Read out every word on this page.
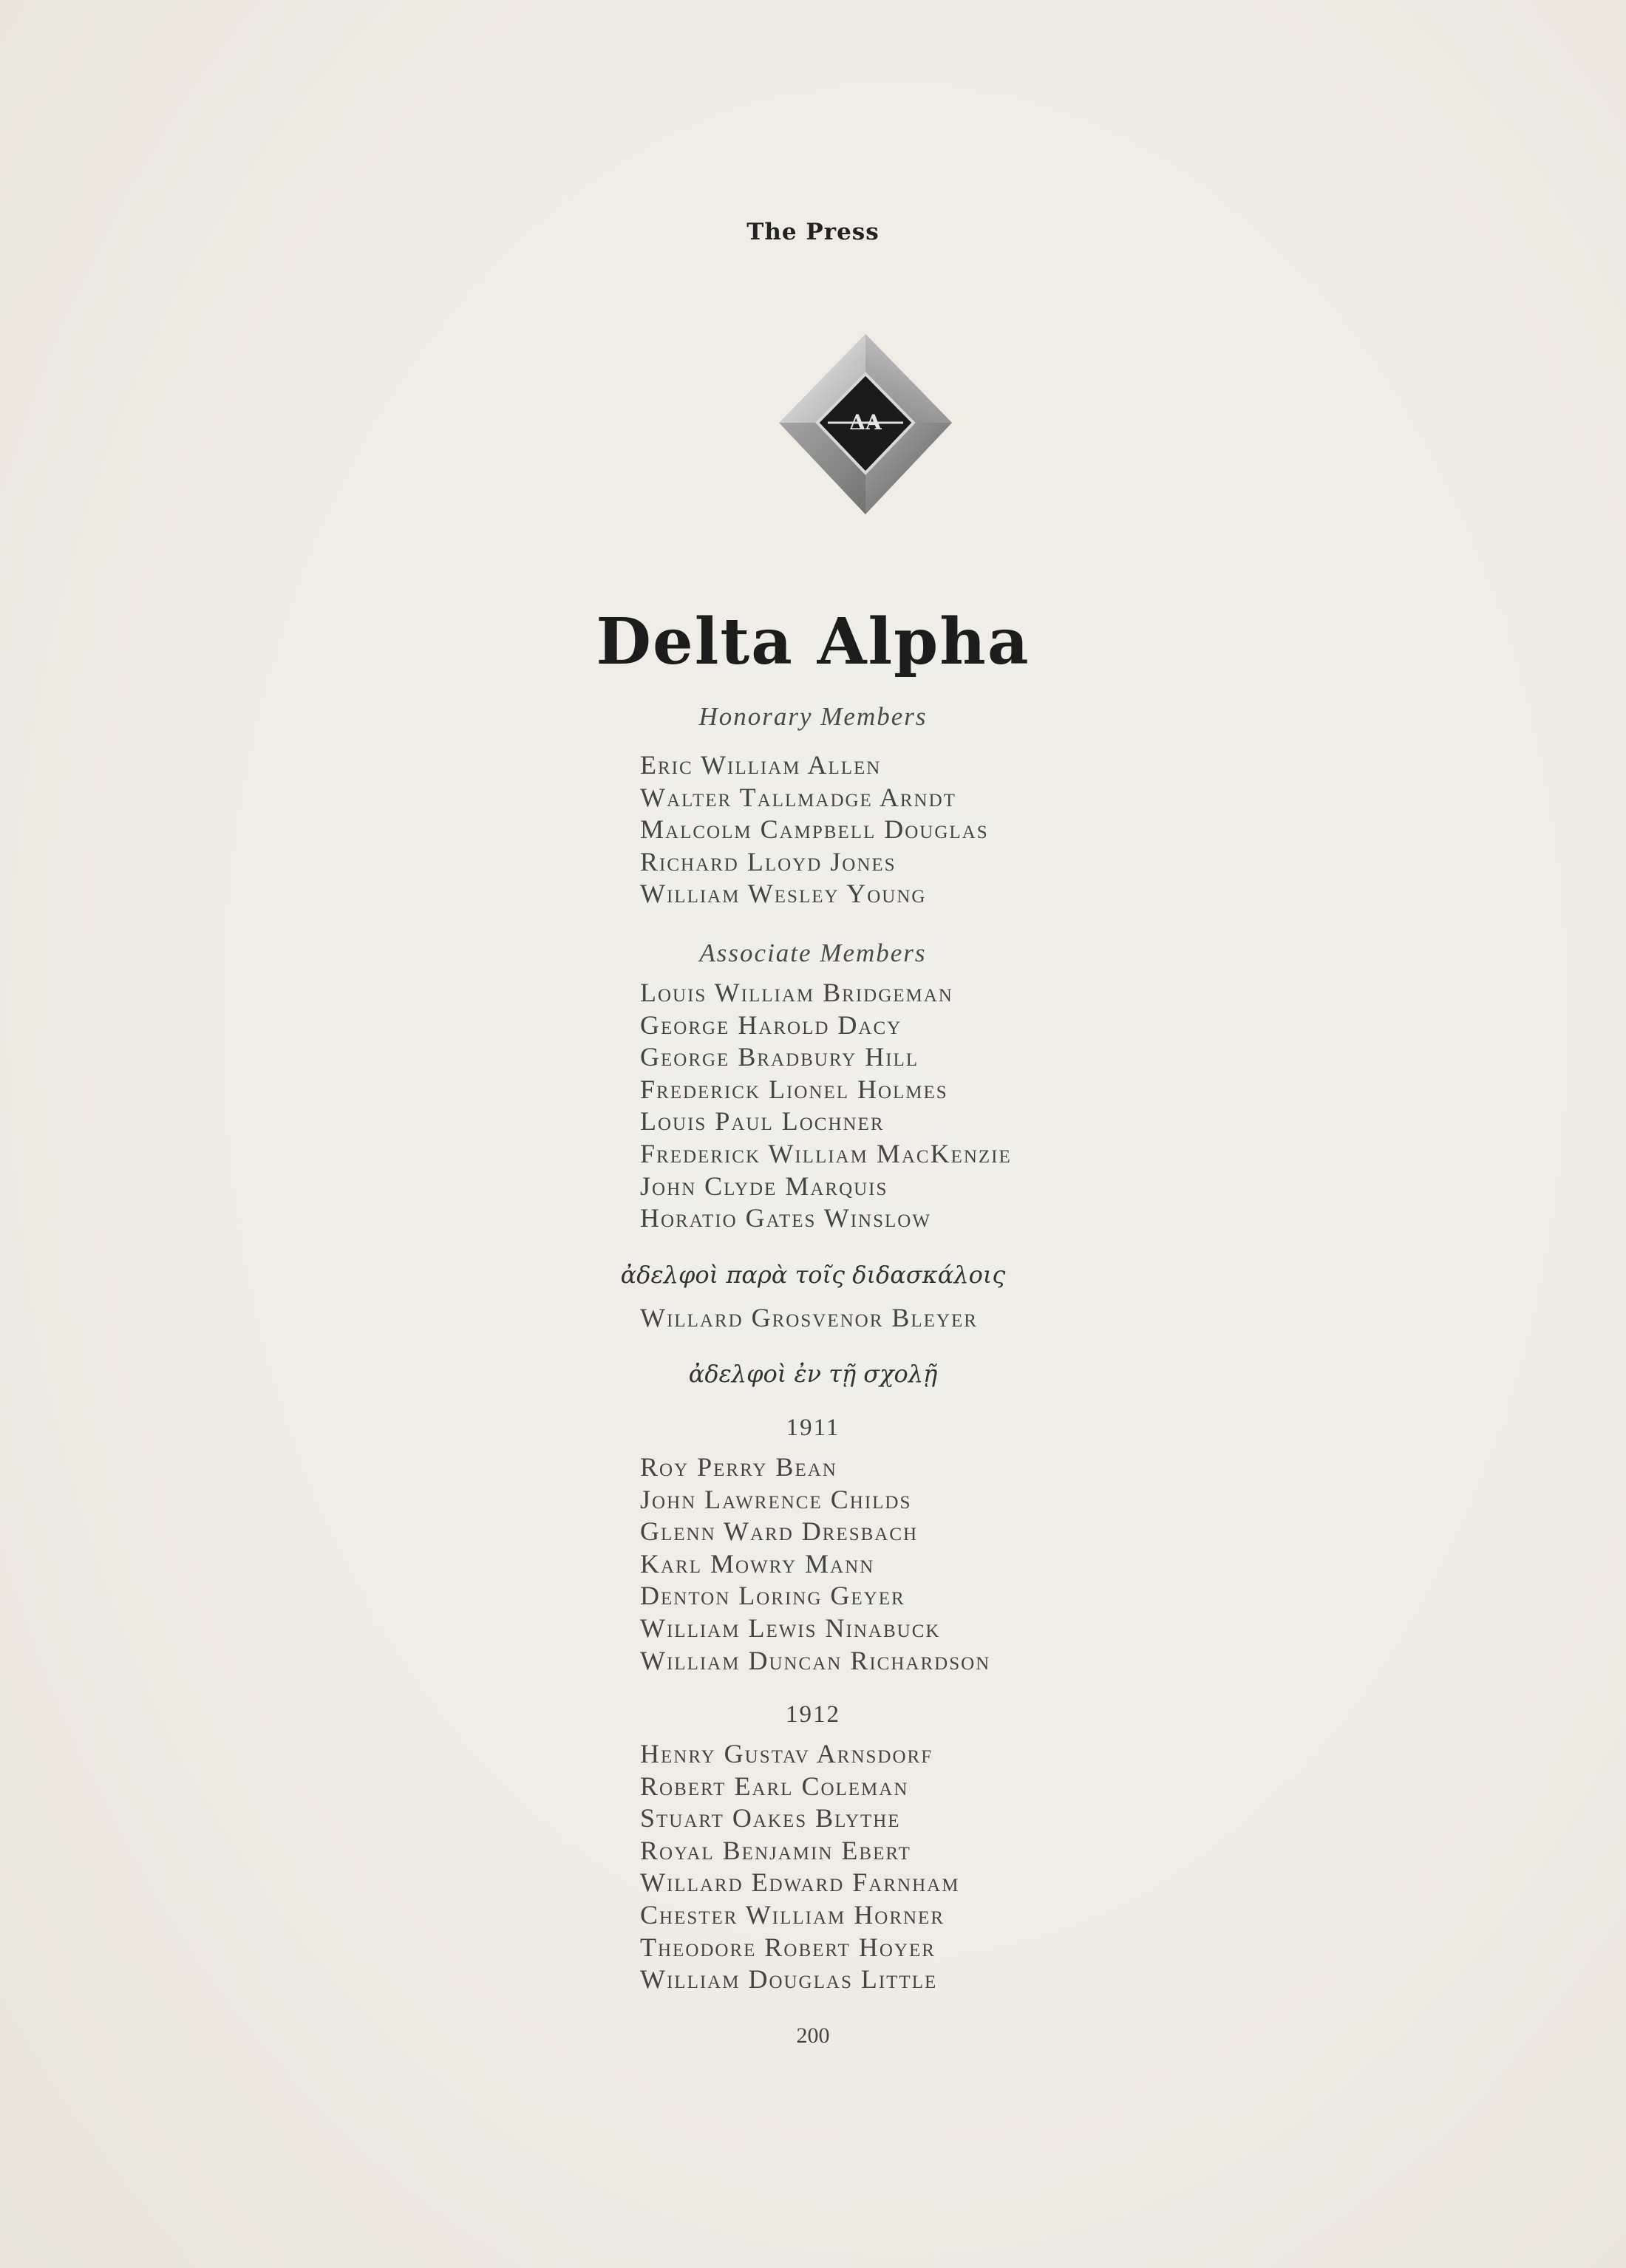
The Press
ΔA
Delta Alpha
Honorary Members
Eric William Allen
Walter Tallmadge Arndt
Malcolm Campbell Douglas
Richard Lloyd Jones
William Wesley Young
Associate Members
Louis William Bridgeman
George Harold Dacy
George Bradbury Hill
Frederick Lionel Holmes
Louis Paul Lochner
Frederick William MacKenzie
John Clyde Marquis
Horatio Gates Winslow
ἀδελφοὶ παρὰ τοῖς διδασκάλοις
Willard Grosvenor Bleyer
ἀδελφοὶ ἐν τῇ σχολῇ
1911
Roy Perry Bean
John Lawrence Childs
Glenn Ward Dresbach
Karl Mowry Mann
Denton Loring Geyer
William Lewis Ninabuck
William Duncan Richardson
1912
Henry Gustav Arnsdorf
Robert Earl Coleman
Stuart Oakes Blythe
Royal Benjamin Ebert
Willard Edward Farnham
Chester William Horner
Theodore Robert Hoyer
William Douglas Little
200
